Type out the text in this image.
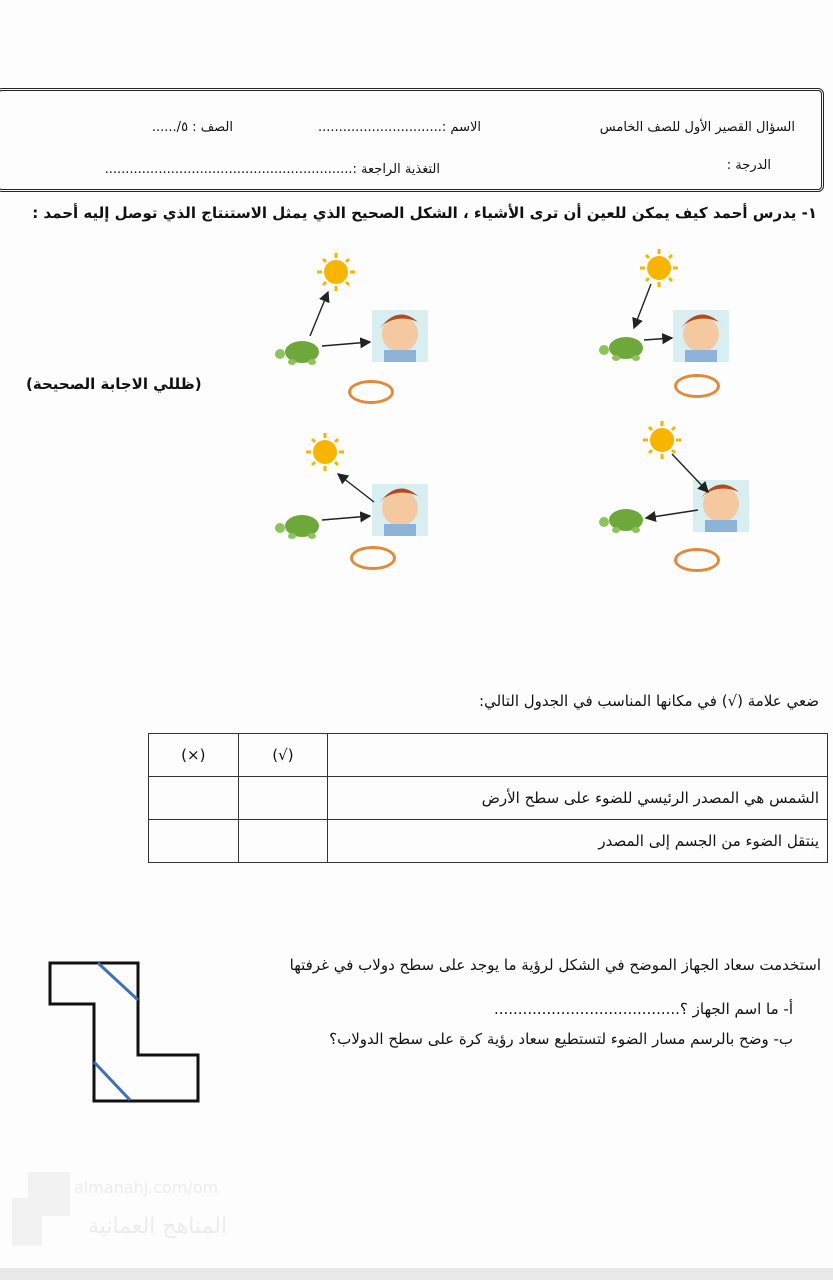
السؤال القصير الأول للصف الخامس
الاسم :..............................
الصف : ٥/......
الدرجة :
التغذية الراجعة :............................................................
١- يدرس أحمد كيف يمكن للعين أن ترى الأشياء ، الشكل الصحيح الذي يمثل الاستنتاج الذي توصل إليه أحمد :
(ظللي الاجابة الصحيحة)
ضعي علامة (√) في مكانها المناسب في الجدول التالي:
	(√)	(×)
الشمس هي المصدر الرئيسي للضوء على سطح الأرض		
ينتقل الضوء من الجسم إلى المصدر		
استخدمت سعاد الجهاز الموضح في الشكل لرؤية ما يوجد على سطح دولاب في غرفتها
أ- ما اسم الجهاز ؟.......................................
ب- وضح بالرسم مسار الضوء لتستطيع سعاد رؤية كرة على سطح الدولاب؟
almanahj.com/om
المناهج العمانية
